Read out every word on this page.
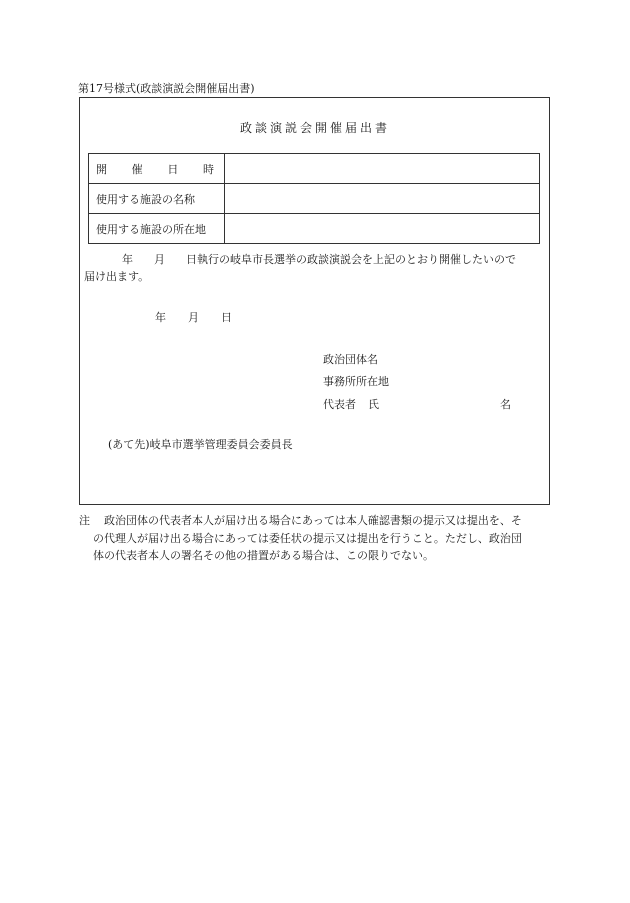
第17号様式(政談演説会開催届出書)
政談演説会開催届出書
開 催 日 時	

使用する施設の名称	
使用する施設の所在地	
年 月 日執行の岐阜市長選挙の政談演説会を上記のとおり開催したいので
届け出ます。
年 月 日
政治団体名
事務所所在地
代表者 氏	名
(あて先)岐阜市選挙管理委員会委員長
注 政治団体の代表者本人が届け出る場合にあっては本人確認書類の提示又は提出を、そ
の代理人が届け出る場合にあっては委任状の提示又は提出を行うこと。ただし、政治団
体の代表者本人の署名その他の措置がある場合は、この限りでない。
